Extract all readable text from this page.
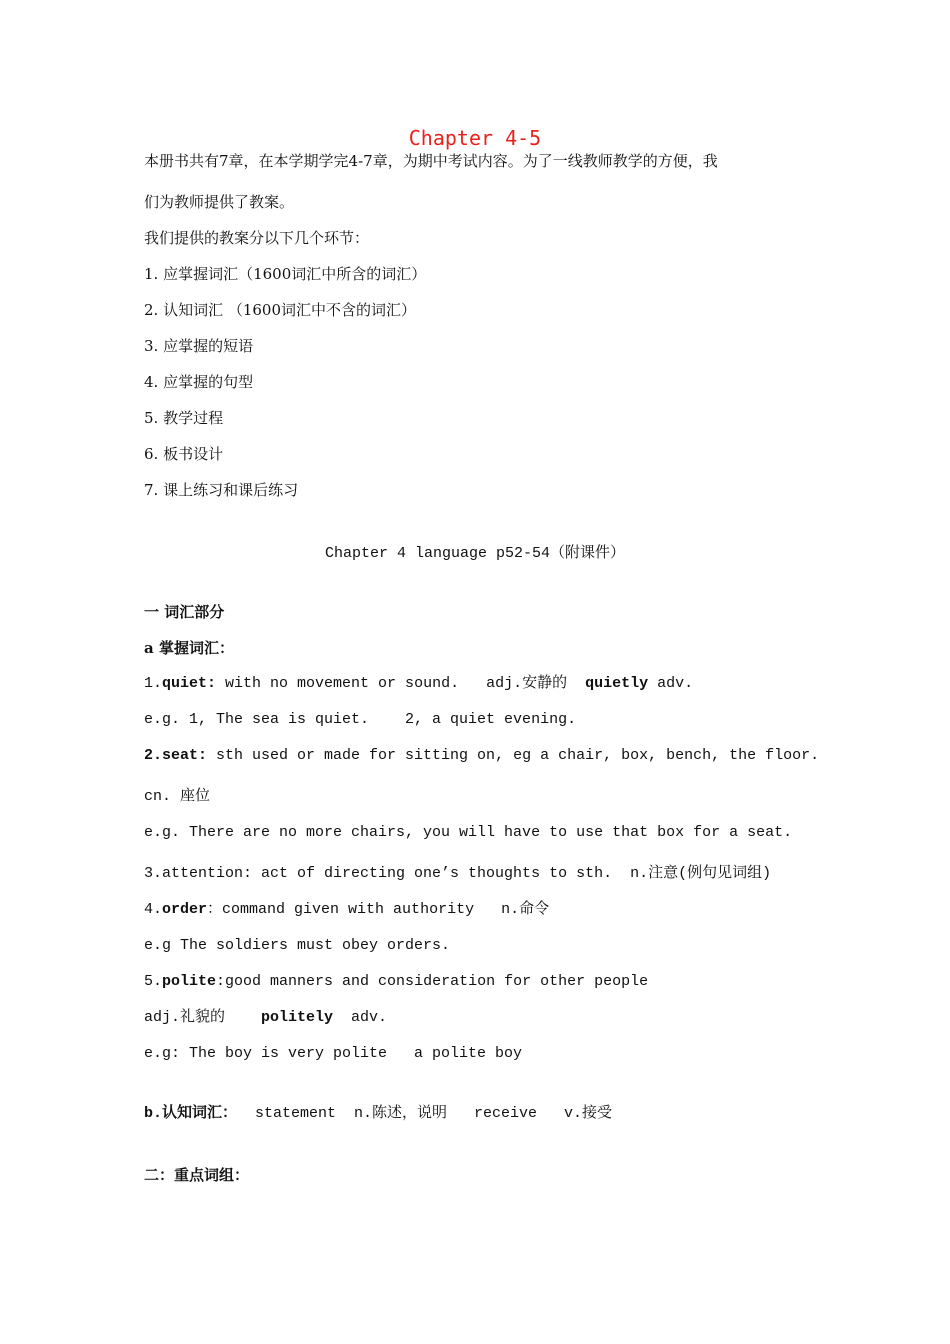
Chapter 4-5
本册书共有7章，在本学期学完4-7章，为期中考试内容。为了一线教师教学的方便，我
们为教师提供了教案。
我们提供的教案分以下几个环节：
1. 应掌握词汇（1600词汇中所含的词汇）
2. 认知词汇 （1600词汇中不含的词汇）
3. 应掌握的短语
4. 应掌握的句型
5. 教学过程
6. 板书设计
7. 课上练习和课后练习
Chapter 4 language p52-54（附课件）
一 词汇部分
a 掌握词汇：
1.quiet: with no movement or sound.   adj.安静的  quietly adv.
e.g. 1, The sea is quiet.    2, a quiet evening.
2.seat: sth used or made for sitting on, eg a chair, box, bench, the floor.
cn. 座位
e.g. There are no more chairs, you will have to use that box for a seat.
3.attention: act of directing one’s thoughts to sth.  n.注意(例句见词组)
4.order：command given with authority   n.命令
e.g The soldiers must obey orders.
5.polite:good manners and consideration for other people
adj.礼貌的    politely  adv.
e.g: The boy is very polite   a polite boy
b.认知词汇：  statement  n.陈述，说明   receive   v.接受
二：重点词组：
